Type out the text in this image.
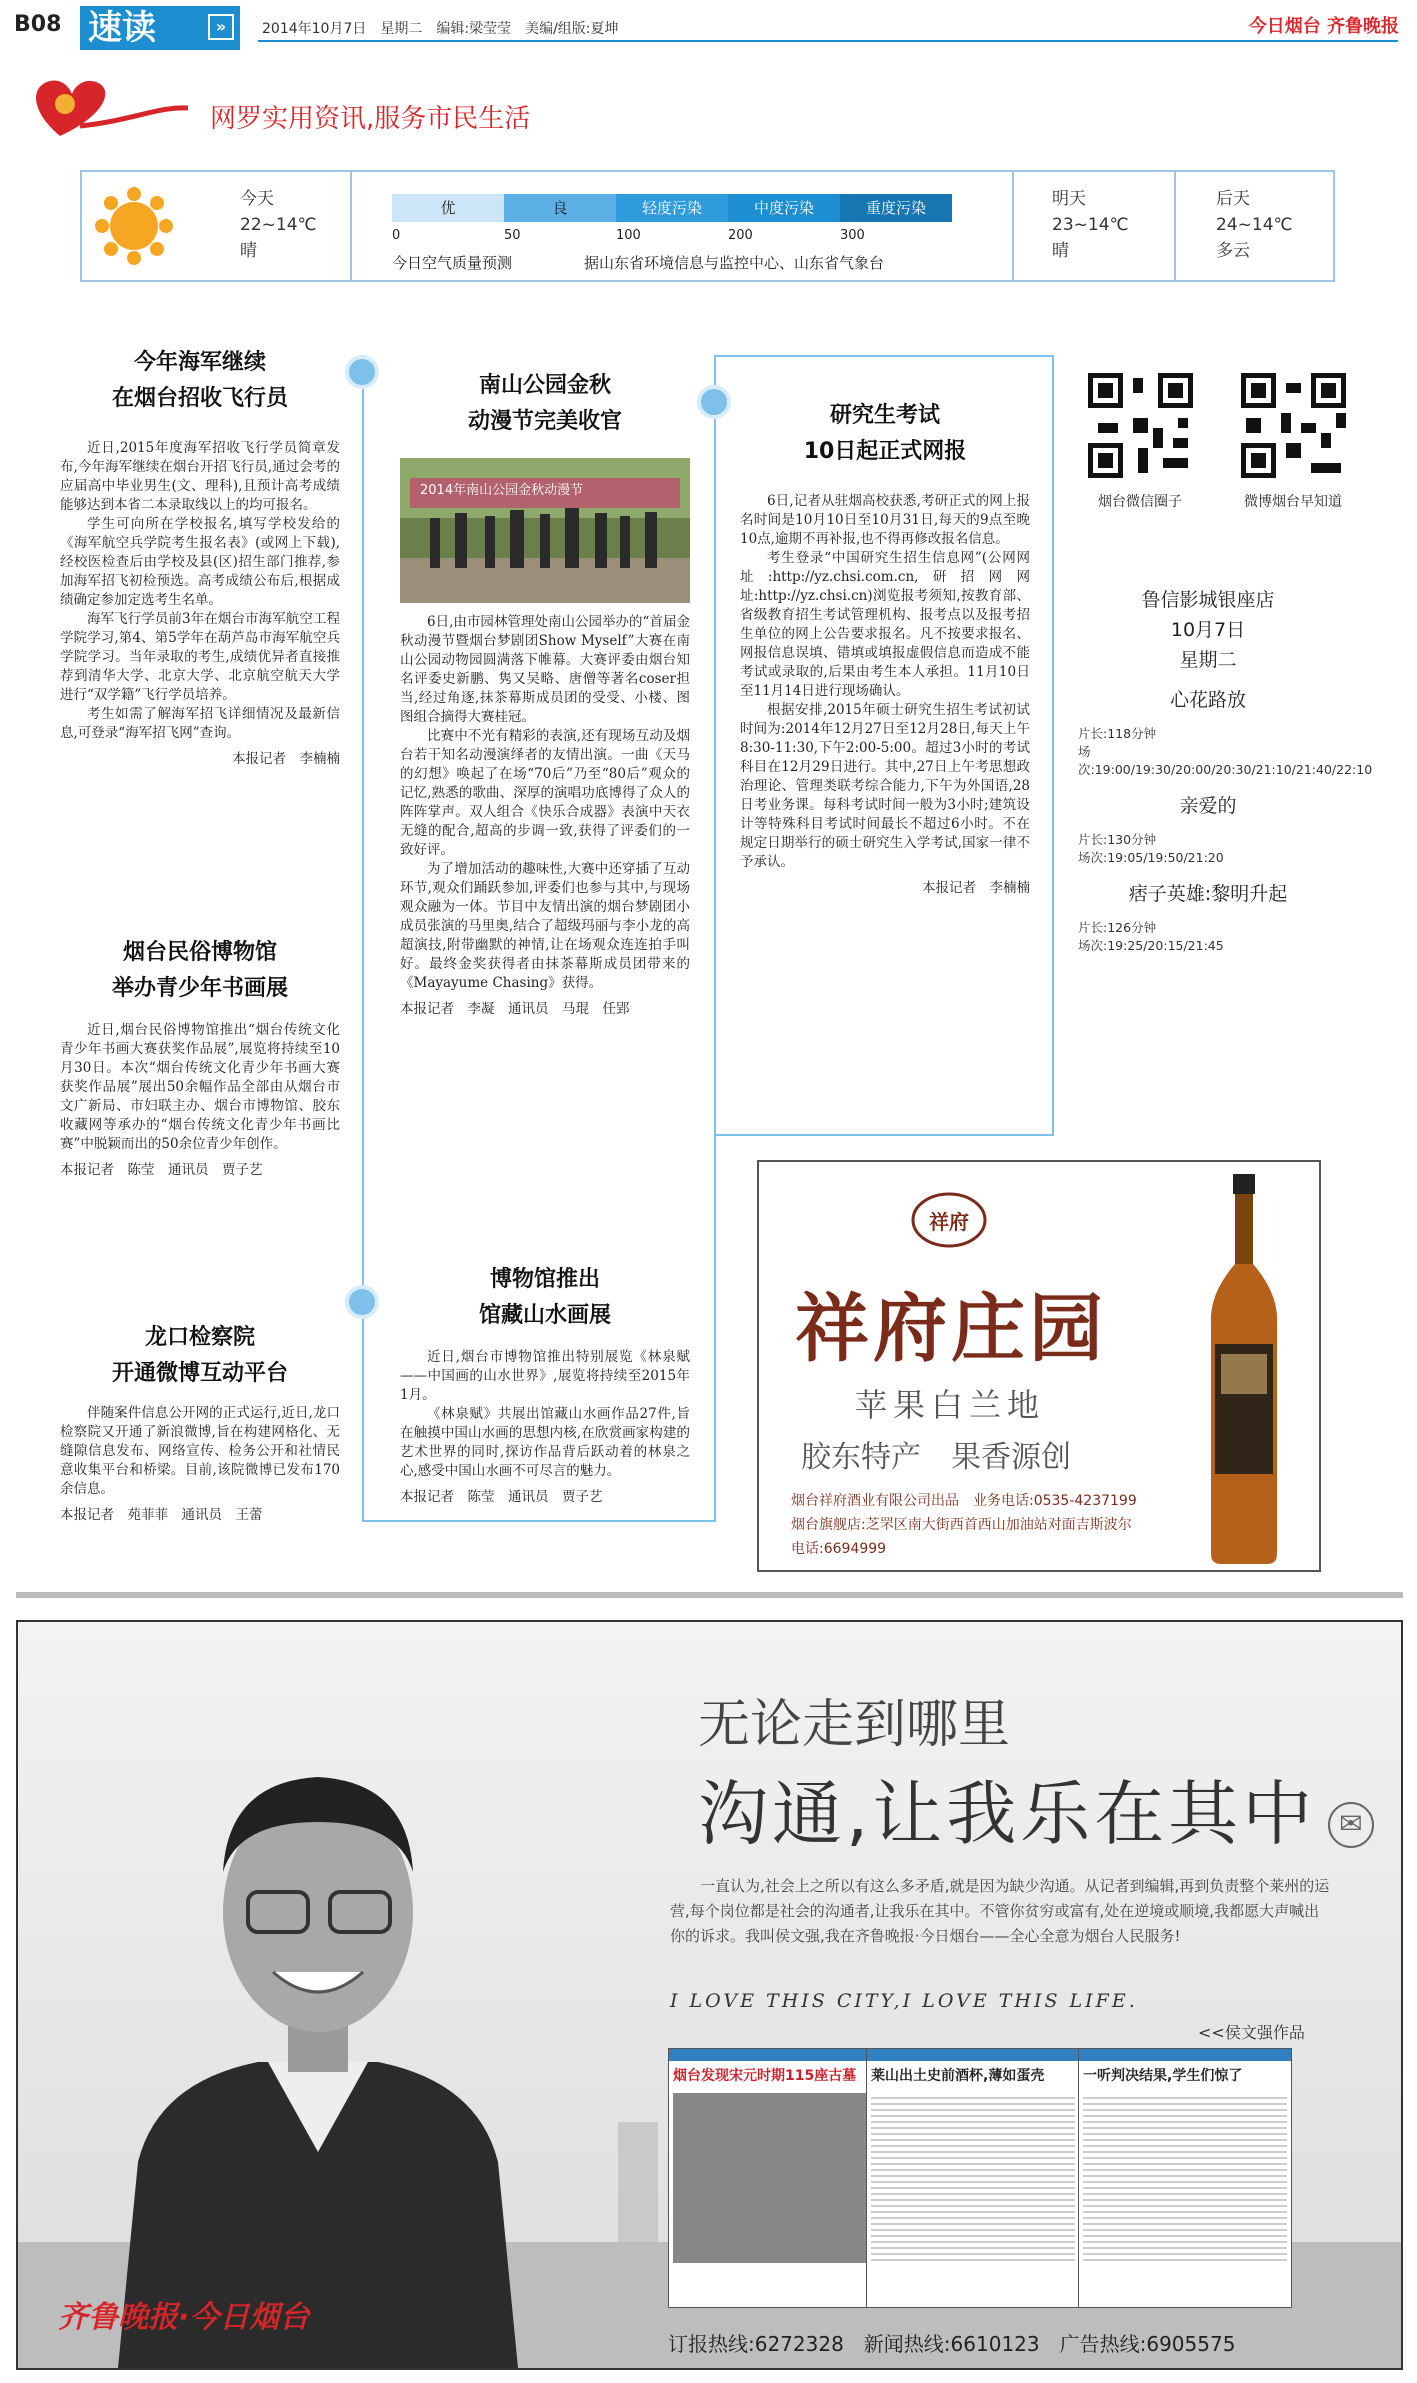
B08 速读	»	2014年10月7日　星期二　编辑:梁莹莹　美编/组版:夏坤	今日烟台 齐鲁晚报
网罗实用资讯,服务市民生活
今天
22~14℃
晴
优	良	轻度污染	中度污染	重度污染
0	50	100	200	300
今日空气质量预测	据山东省环境信息与监控中心、山东省气象台
明天
23~14℃
晴
后天
24~14℃
多云
今年海军继续
在烟台招收飞行员

近日,2015年度海军招收飞行学员简章发布,今年海军继续在烟台开招飞行员,通过会考的应届高中毕业男生(文、理科),且预计高考成绩能够达到本省二本录取线以上的均可报名。

学生可向所在学校报名,填写学校发给的《海军航空兵学院考生报名表》(或网上下载),经校医检查后由学校及县(区)招生部门推荐,参加海军招飞初检预选。高考成绩公布后,根据成绩确定参加定选考生名单。

海军飞行学员前3年在烟台市海军航空工程学院学习,第4、第5学年在葫芦岛市海军航空兵学院学习。当年录取的考生,成绩优异者直接推荐到清华大学、北京大学、北京航空航天大学进行“双学籍”飞行学员培养。

考生如需了解海军招飞详细情况及最新信息,可登录“海军招飞网”查询。

本报记者　李楠楠
烟台民俗博物馆
举办青少年书画展

近日,烟台民俗博物馆推出“烟台传统文化青少年书画大赛获奖作品展”,展览将持续至10月30日。本次“烟台传统文化青少年书画大赛获奖作品展”展出50余幅作品全部由从烟台市文广新局、市妇联主办、烟台市博物馆、胶东收藏网等承办的“烟台传统文化青少年书画比赛”中脱颖而出的50余位青少年创作。

本报记者　陈莹　通讯员　贾子艺
龙口检察院
开通微博互动平台

伴随案件信息公开网的正式运行,近日,龙口检察院又开通了新浪微博,旨在构建网格化、无缝隙信息发布、网络宣传、检务公开和社情民意收集平台和桥梁。目前,该院微博已发布170余信息。

本报记者　苑菲菲　通讯员　王蕾
南山公园金秋
动漫节完美收官
2014年南山公园金秋动漫节

6日,由市园林管理处南山公园举办的“首届金秋动漫节暨烟台梦剧团Show Myself”大赛在南山公园动物园圆满落下帷幕。大赛评委由烟台知名评委史新鹏、隽又吴略、唐僧等著名coser担当,经过角逐,抹茶幕斯成员团的受受、小楼、图图组合摘得大赛桂冠。

比赛中不光有精彩的表演,还有现场互动及烟台若干知名动漫演绎者的友情出演。一曲《天马的幻想》唤起了在场“70后”乃至“80后”观众的记忆,熟悉的歌曲、深厚的演唱功底博得了众人的阵阵掌声。双人组合《快乐合成器》表演中天衣无缝的配合,超高的步调一致,获得了评委们的一致好评。

为了增加活动的趣味性,大赛中还穿插了互动环节,观众们踊跃参加,评委们也参与其中,与现场观众融为一体。节目中友情出演的烟台梦剧团小成员张演的马里奥,结合了超级玛丽与李小龙的高超演技,附带幽默的神情,让在场观众连连拍手叫好。最终金奖获得者由抹茶幕斯成员团带来的《Mayayume Chasing》获得。

本报记者　李凝　通讯员　马琨　任郢
博物馆推出
馆藏山水画展

近日,烟台市博物馆推出特别展览《林泉赋——中国画的山水世界》,展览将持续至2015年1月。

《林泉赋》共展出馆藏山水画作品27件,旨在触摸中国山水画的思想内核,在欣赏画家构建的艺术世界的同时,探访作品背后跃动着的林泉之心,感受中国山水画不可尽言的魅力。

本报记者　陈莹　通讯员　贾子艺
研究生考试
10日起正式网报

6日,记者从驻烟高校获悉,考研正式的网上报名时间是10月10日至10月31日,每天的9点至晚10点,逾期不再补报,也不得再修改报名信息。

考生登录“中国研究生招生信息网”(公网网址:http://yz.chsi.com.cn,研招网网址:http://yz.chsi.cn)浏览报考须知,按教育部、省级教育招生考试管理机构、报考点以及报考招生单位的网上公告要求报名。凡不按要求报名、网报信息误填、错填或填报虚假信息而造成不能考试或录取的,后果由考生本人承担。11月10日至11月14日进行现场确认。

根据安排,2015年硕士研究生招生考试初试时间为:2014年12月27日至12月28日,每天上午8:30-11:30,下午2:00-5:00。超过3小时的考试科目在12月29日进行。其中,27日上午考思想政治理论、管理类联考综合能力,下午为外国语,28日考业务课。每科考试时间一般为3小时;建筑设计等特殊科目考试时间最长不超过6小时。不在规定日期举行的硕士研究生入学考试,国家一律不予承认。

本报记者　李楠楠
烟台微信圈子	微博烟台早知道
鲁信影城银座店
10月7日
星期二
心花路放
片长:118分钟
场次:19:00/19:30/20:00/20:30/21:10/21:40/22:10
亲爱的
片长:130分钟
场次:19:05/19:50/21:20
痞子英雄:黎明升起
片长:126分钟
场次:19:25/20:15/21:45
祥府
祥府庄园
苹果白兰地
胶东特产　果香源创
烟台祥府酒业有限公司出品　业务电话:0535-4237199
烟台旗舰店:芝罘区南大街西首西山加油站对面吉斯波尔
电话:6694999
无论走到哪里
沟通,让我乐在其中 ✉
一直认为,社会上之所以有这么多矛盾,就是因为缺少沟通。从记者到编辑,再到负责整个莱州的运营,每个岗位都是社会的沟通者,让我乐在其中。不管你贫穷或富有,处在逆境或顺境,我都愿大声喊出你的诉求。我叫侯文强,我在齐鲁晚报·今日烟台——全心全意为烟台人民服务!
I LOVE THIS CITY,I LOVE THIS LIFE.
<<侯文强作品
烟台发现宋元时期115座古墓	莱山出土史前酒杯,薄如蛋壳	一听判决结果,学生们惊了
齐鲁晚报·今日烟台
订报热线:6272328　新闻热线:6610123　广告热线:6905575
